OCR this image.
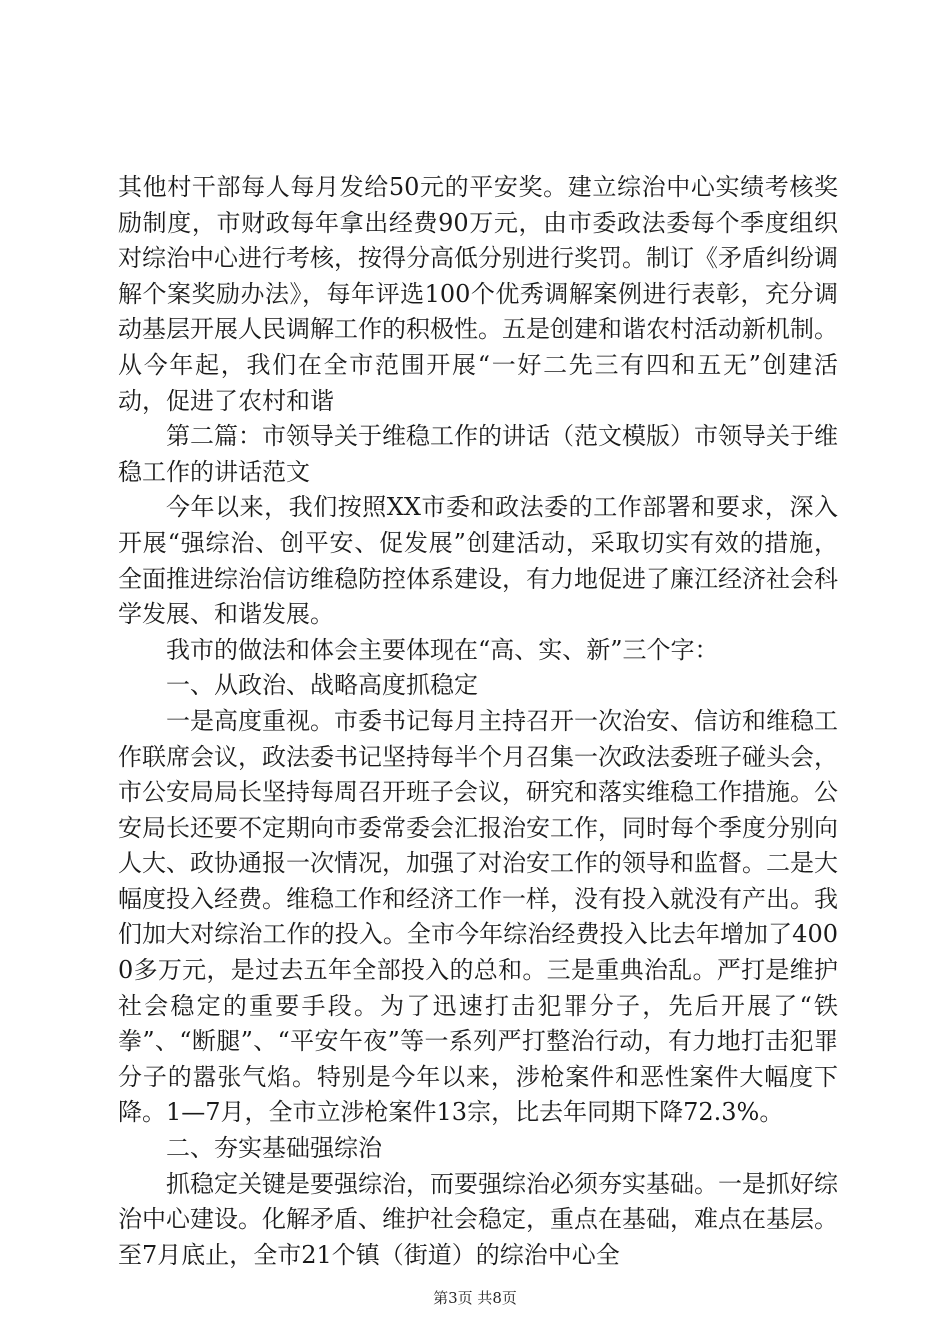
其他村干部每人每月发给50元的平安奖。建立综治中心实绩考核奖励制度，市财政每年拿出经费90万元，由市委政法委每个季度组织对综治中心进行考核，按得分高低分别进行奖罚。制订《矛盾纠纷调解个案奖励办法》，每年评选100个优秀调解案例进行表彰，充分调动基层开展人民调解工作的积极性。五是创建和谐农村活动新机制。从今年起，我们在全市范围开展“一好二先三有四和五无”创建活动，促进了农村和谐

第二篇：市领导关于维稳工作的讲话（范文模版）市领导关于维稳工作的讲话范文

今年以来，我们按照XX市委和政法委的工作部署和要求，深入开展“强综治、创平安、促发展”创建活动，采取切实有效的措施，全面推进综治信访维稳防控体系建设，有力地促进了廉江经济社会科学发展、和谐发展。

我市的做法和体会主要体现在“高、实、新”三个字：

一、从政治、战略高度抓稳定

一是高度重视。市委书记每月主持召开一次治安、信访和维稳工作联席会议，政法委书记坚持每半个月召集一次政法委班子碰头会，市公安局局长坚持每周召开班子会议，研究和落实维稳工作措施。公安局长还要不定期向市委常委会汇报治安工作，同时每个季度分别向人大、政协通报一次情况，加强了对治安工作的领导和监督。二是大幅度投入经费。维稳工作和经济工作一样，没有投入就没有产出。我们加大对综治工作的投入。全市今年综治经费投入比去年增加了4000多万元，是过去五年全部投入的总和。三是重典治乱。严打是维护社会稳定的重要手段。为了迅速打击犯罪分子，先后开展了“铁拳”、“断腿”、“平安午夜”等一系列严打整治行动，有力地打击犯罪分子的嚣张气焰。特别是今年以来，涉枪案件和恶性案件大幅度下降。1—7月，全市立涉枪案件13宗，比去年同期下降72.3%。

二、夯实基础强综治

抓稳定关键是要强综治，而要强综治必须夯实基础。一是抓好综治中心建设。化解矛盾、维护社会稳定，重点在基础，难点在基层。至7月底止，全市21个镇（街道）的综治中心全

第3页 共8页
